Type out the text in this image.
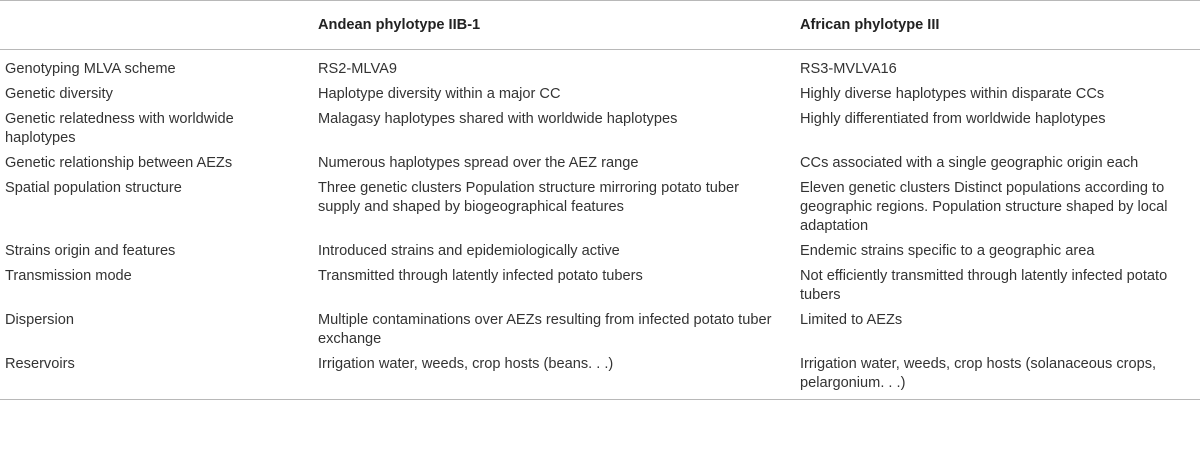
	Andean phylotype IIB-1	African phylotype III
Genotyping MLVA scheme	RS2-MLVA9	RS3-MVLVA16
Genetic diversity	Haplotype diversity within a major CC	Highly diverse haplotypes within disparate CCs
Genetic relatedness with worldwide haplotypes	Malagasy haplotypes shared with worldwide haplotypes	Highly differentiated from worldwide haplotypes
Genetic relationship between AEZs	Numerous haplotypes spread over the AEZ range	CCs associated with a single geographic origin each
Spatial population structure	Three genetic clusters Population structure mirroring potato tuber supply and shaped by biogeographical features	Eleven genetic clusters Distinct populations according to geographic regions. Population structure shaped by local adaptation
Strains origin and features	Introduced strains and epidemiologically active	Endemic strains specific to a geographic area
Transmission mode	Transmitted through latently infected potato tubers	Not efficiently transmitted through latently infected potato tubers
Dispersion	Multiple contaminations over AEZs resulting from infected potato tuber exchange	Limited to AEZs
Reservoirs	Irrigation water, weeds, crop hosts (beans. . .)	Irrigation water, weeds, crop hosts (solanaceous crops, pelargonium. . .)
